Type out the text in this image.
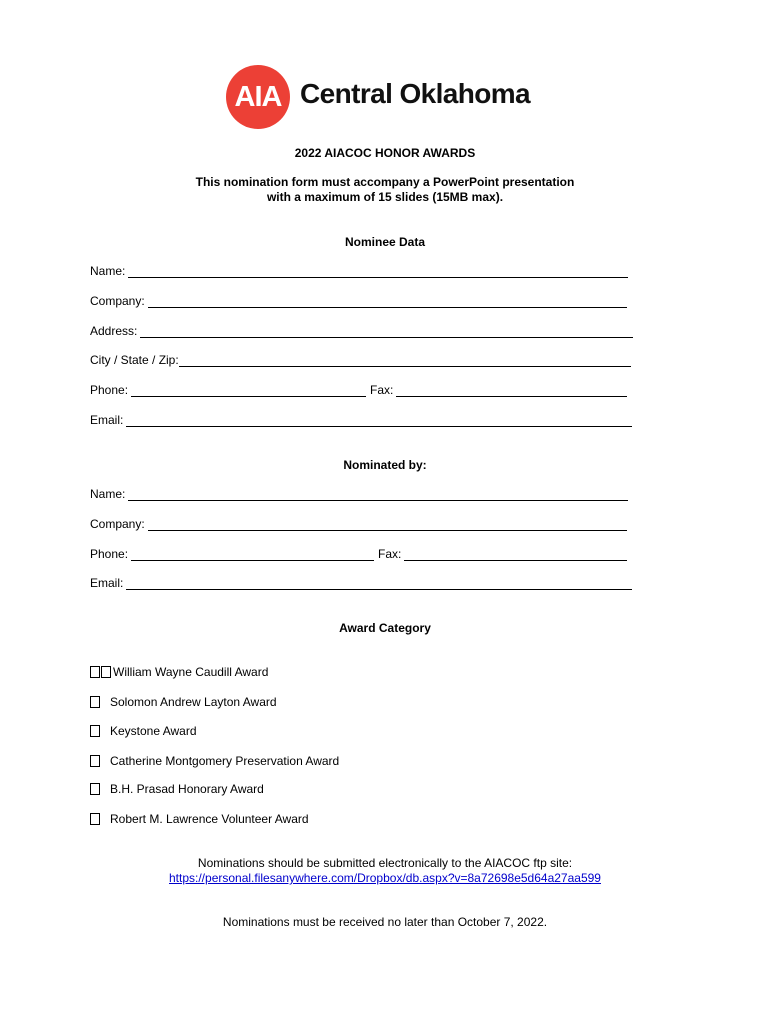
AIA Central Oklahoma
2022 AIACOC HONOR AWARDS
This nomination form must accompany a PowerPoint presentation
with a maximum of 15 slides (15MB max).
Nominee Data
Name:
Company:
Address:
City / State / Zip:
Phone:	Fax:
Email:
Nominated by:
Name:
Company:
Phone:	Fax:
Email:
Award Category
William Wayne Caudill Award
Solomon Andrew Layton Award
Keystone Award
Catherine Montgomery Preservation Award
B.H. Prasad Honorary Award
Robert M. Lawrence Volunteer Award
Nominations should be submitted electronically to the AIACOC ftp site:
https://personal.filesanywhere.com/Dropbox/db.aspx?v=8a72698e5d64a27aa599
Nominations must be received no later than October 7, 2022.
